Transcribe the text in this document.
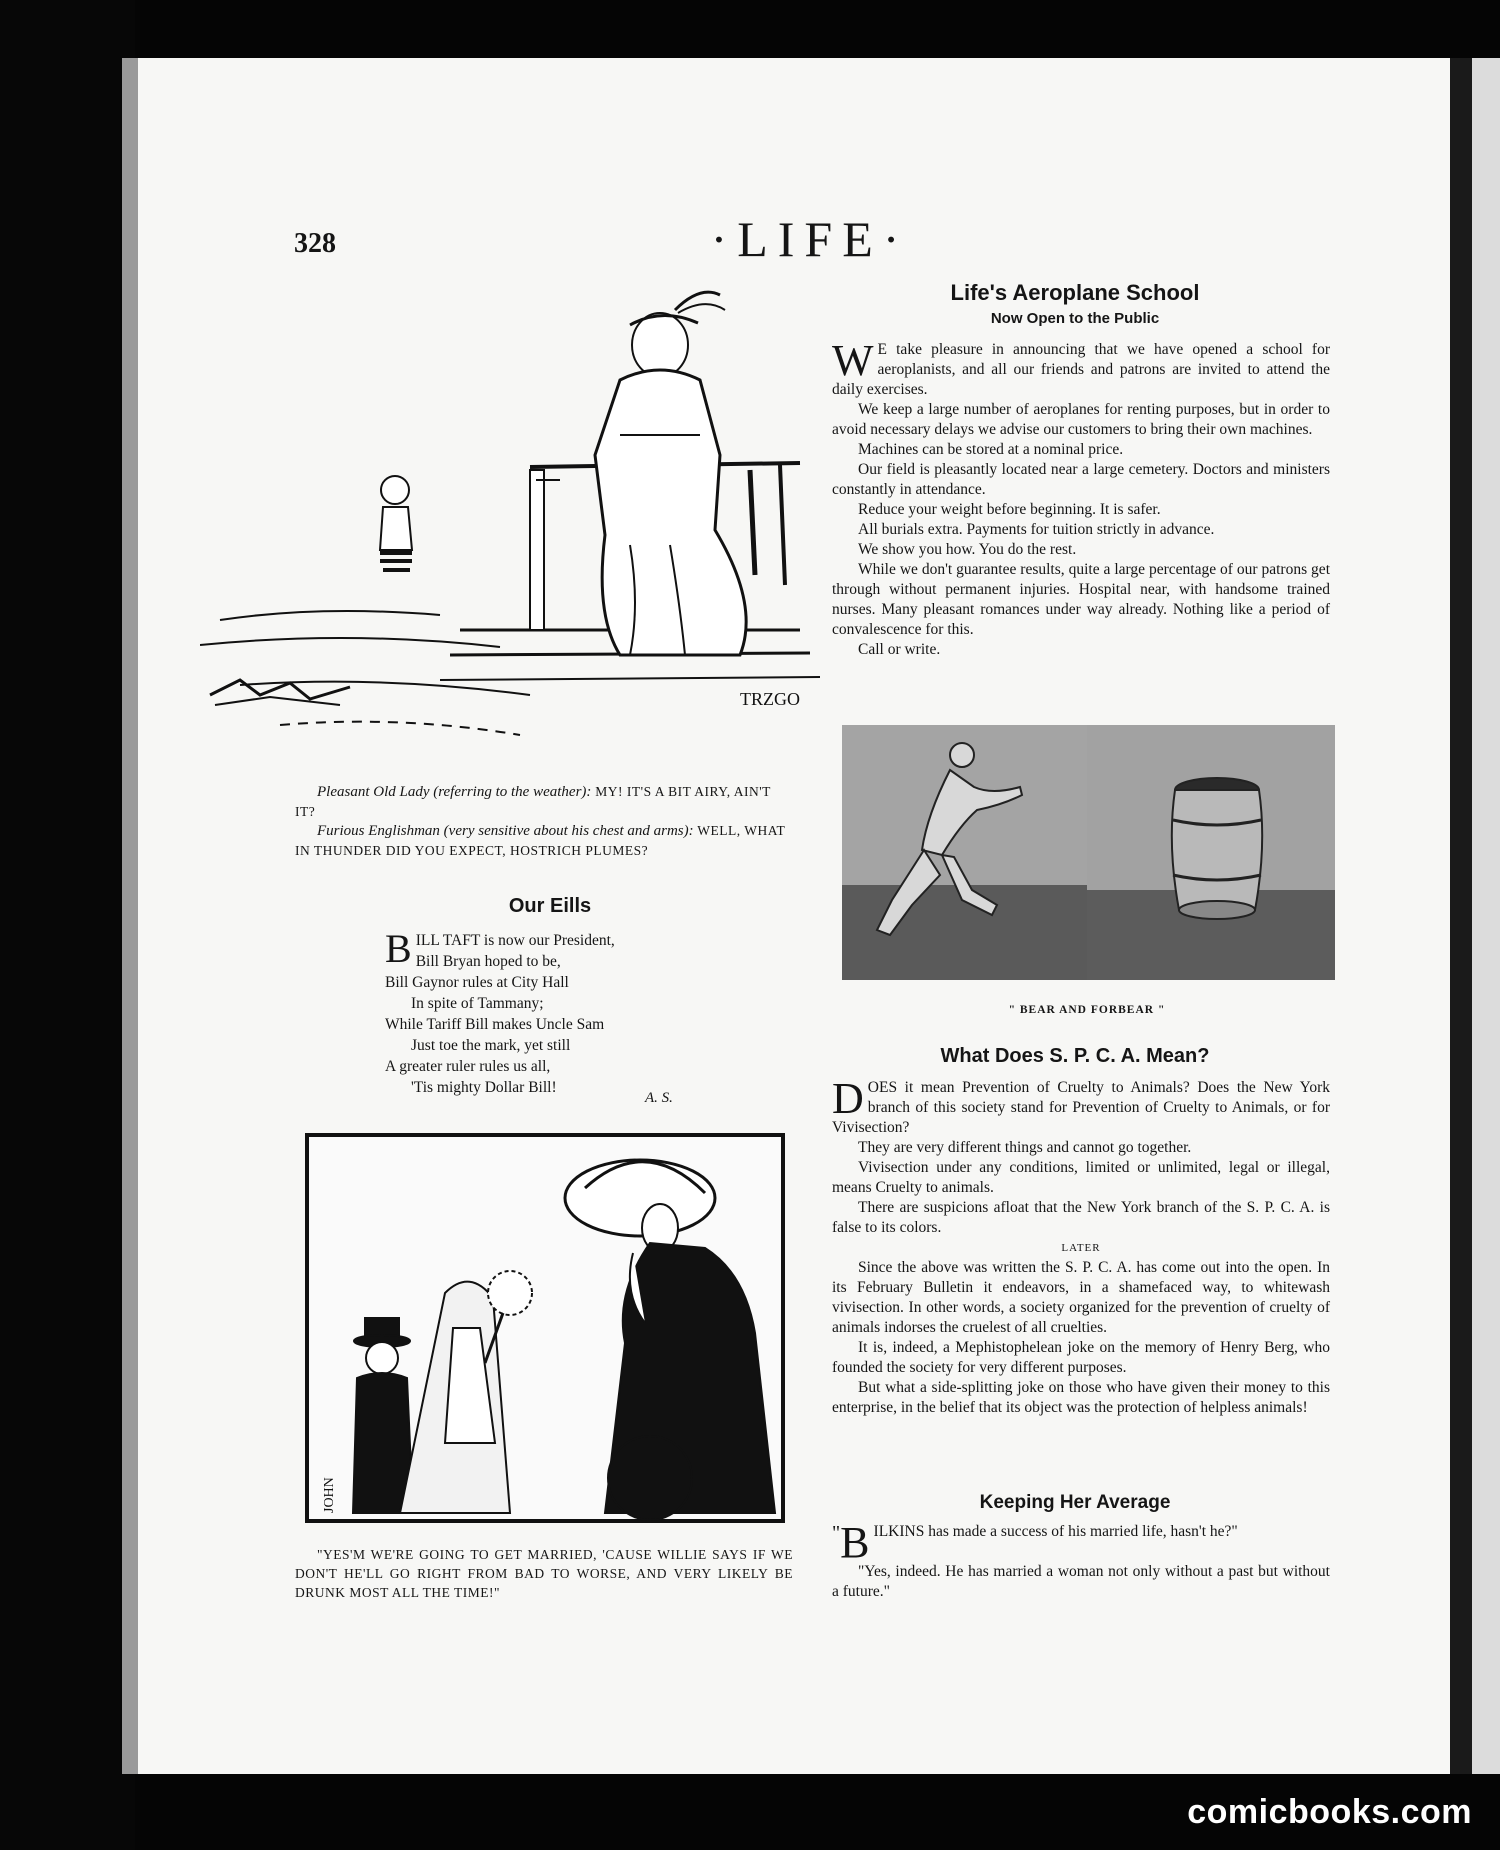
328	·LIFE·
TRZGO
Pleasant Old Lady (referring to the weather): MY! IT'S A BIT AIRY, AIN'T IT?
Furious Englishman (very sensitive about his chest and arms): WELL, WHAT IN THUNDER DID YOU EXPECT, HOSTRICH PLUMES?
Our Eills
BILL TAFT is now our President,
Bill Bryan hoped to be,
Bill Gaynor rules at City Hall
In spite of Tammany;
While Tariff Bill makes Uncle Sam
Just toe the mark, yet still
A greater ruler rules us all,
'Tis mighty Dollar Bill!
A. S.
JOHN
"YES'M WE'RE GOING TO GET MARRIED, 'CAUSE WILLIE SAYS IF WE DON'T HE'LL GO RIGHT FROM BAD TO WORSE, AND VERY LIKELY BE DRUNK MOST ALL THE TIME!"
Life's Aeroplane School
Now Open to the Public

W E take pleasure in announcing that we have opened a school for aeroplanists, and all our friends and patrons are invited to attend the daily exercises.

We keep a large number of aeroplanes for renting purposes, but in order to avoid necessary delays we advise our customers to bring their own machines.

Machines can be stored at a nominal price.

Our field is pleasantly located near a large cemetery. Doctors and ministers constantly in attendance.

Reduce your weight before beginning. It is safer.

All burials extra. Payments for tuition strictly in advance.

We show you how. You do the rest.

While we don't guarantee results, quite a large percentage of our patrons get through without permanent injuries. Hospital near, with handsome trained nurses. Many pleasant romances under way already. Nothing like a period of convalescence for this.

Call or write.

" BEAR AND FORBEAR "
What Does S. P. C. A. Mean?

DOES it mean Prevention of Cruelty to Animals? Does the New York branch of this society stand for Prevention of Cruelty to Animals, or for Vivisection?

They are very different things and cannot go together.

Vivisection under any conditions, limited or unlimited, legal or illegal, means Cruelty to animals.

There are suspicions afloat that the New York branch of the S. P. C. A. is false to its colors.

LATER

Since the above was written the S. P. C. A. has come out into the open. In its February Bulletin it endeavors, in a shamefaced way, to whitewash vivisection. In other words, a society organized for the prevention of cruelty of animals indorses the cruelest of all cruelties.

It is, indeed, a Mephistophelean joke on the memory of Henry Berg, who founded the society for very different purposes.

But what a side-splitting joke on those who have given their money to this enterprise, in the belief that its object was the protection of helpless animals!

Keeping Her Average

" B ILKINS has made a success of his married life, hasn't he?"

"Yes, indeed. He has married a woman not only without a past but without a future."

comicbooks.com
